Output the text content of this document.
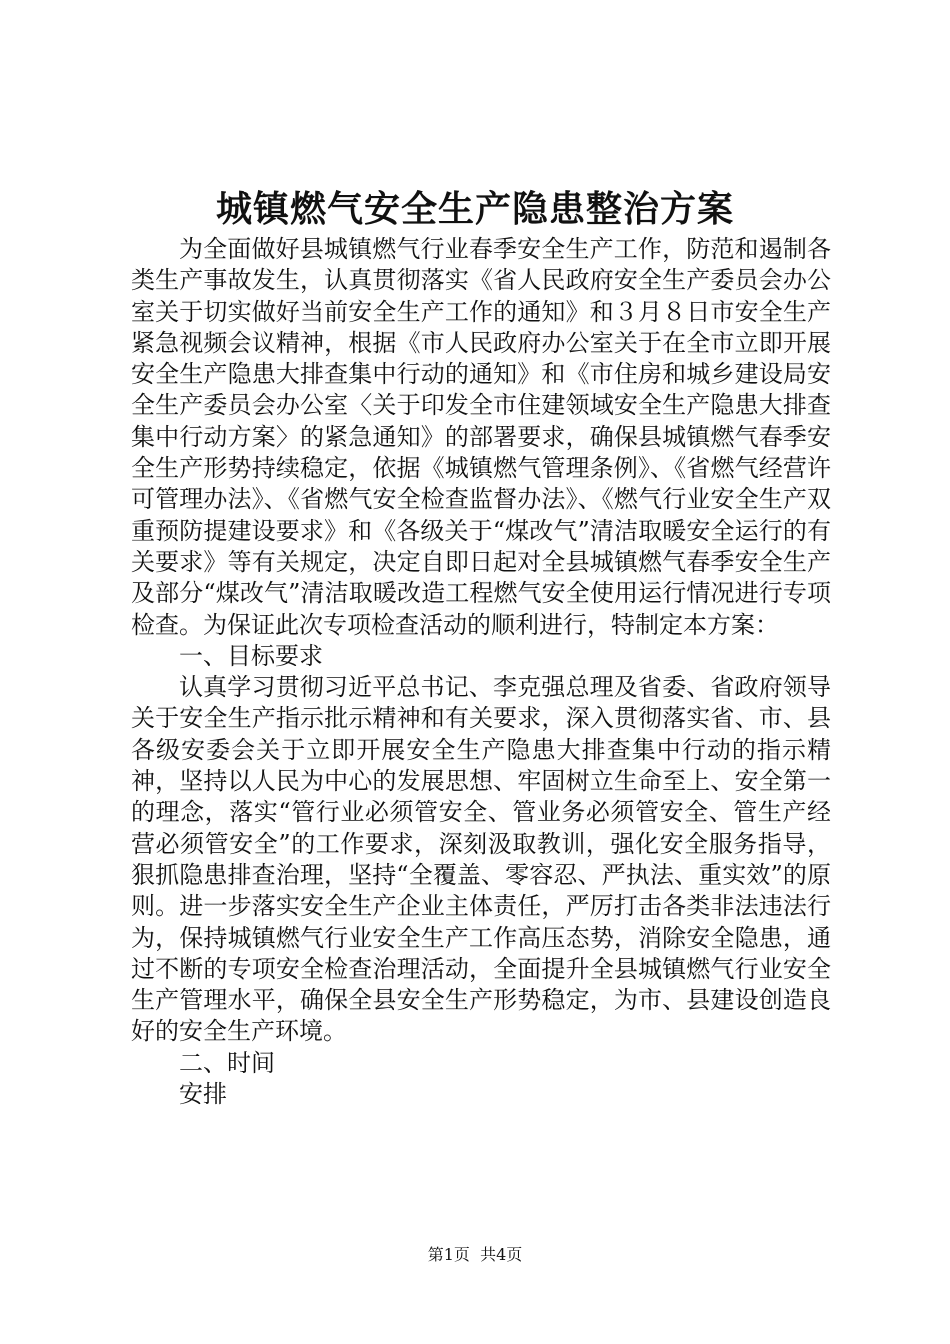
城镇燃气安全生产隐患整治方案

为全面做好县城镇燃气行业春季安全生产工作，防范和遏制各类生产事故发生，认真贯彻落实《省人民政府安全生产委员会办公室关于切实做好当前安全生产工作的通知》和３月８日市安全生产紧急视频会议精神，根据《市人民政府办公室关于在全市立即开展安全生产隐患大排查集中行动的通知》和《市住房和城乡建设局安全生产委员会办公室〈关于印发全市住建领域安全生产隐患大排查集中行动方案〉的紧急通知》的部署要求，确保县城镇燃气春季安全生产形势持续稳定，依据《城镇燃气管理条例》、《省燃气经营许可管理办法》、《省燃气安全检查监督办法》、《燃气行业安全生产双重预防提建设要求》和《各级关于“煤改气”清洁取暖安全运行的有关要求》等有关规定，决定自即日起对全县城镇燃气春季安全生产及部分“煤改气”清洁取暖改造工程燃气安全使用运行情况进行专项检查。为保证此次专项检查活动的顺利进行，特制定本方案：

一、目标要求

认真学习贯彻习近平总书记、李克强总理及省委、省政府领导关于安全生产指示批示精神和有关要求，深入贯彻落实省、市、县各级安委会关于立即开展安全生产隐患大排查集中行动的指示精神，坚持以人民为中心的发展思想、牢固树立生命至上、安全第一的理念，落实“管行业必须管安全、管业务必须管安全、管生产经营必须管安全”的工作要求，深刻汲取教训，强化安全服务指导，狠抓隐患排查治理，坚持“全覆盖、零容忍、严执法、重实效”的原则。进一步落实安全生产企业主体责任，严厉打击各类非法违法行为，保持城镇燃气行业安全生产工作高压态势，消除安全隐患，通过不断的专项安全检查治理活动，全面提升全县城镇燃气行业安全生产管理水平，确保全县安全生产形势稳定，为市、县建设创造良好的安全生产环境。

二、时间

安排

第1页 共4页
